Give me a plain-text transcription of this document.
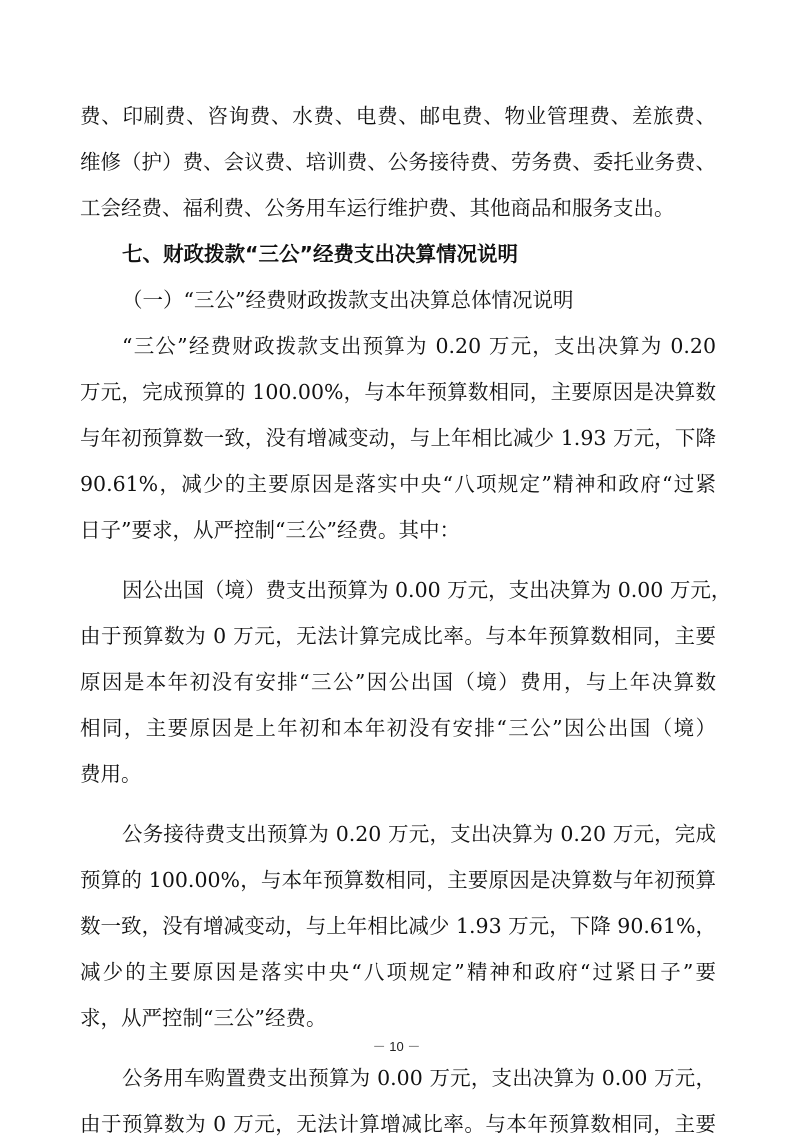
费、印刷费、咨询费、水费、电费、邮电费、物业管理费、差旅费、
维修（护）费、会议费、培训费、公务接待费、劳务费、委托业务费、
工会经费、福利费、公务用车运行维护费、其他商品和服务支出。
七、财政拨款“三公”经费支出决算情况说明
（一）“三公”经费财政拨款支出决算总体情况说明
“三公”经费财政拨款支出预算为 0.20 万元，支出决算为 0.20
万元，完成预算的 100.00%，与本年预算数相同，主要原因是决算数
与年初预算数一致，没有增减变动，与上年相比减少 1.93 万元，下降
90.61%，减少的主要原因是落实中央“八项规定”精神和政府“过紧
日子”要求，从严控制“三公”经费。其中：
因公出国（境）费支出预算为 0.00 万元，支出决算为 0.00 万元，
由于预算数为 0 万元，无法计算完成比率。与本年预算数相同，主要
原因是本年初没有安排“三公”因公出国（境）费用，与上年决算数
相同，主要原因是上年初和本年初没有安排“三公”因公出国（境）
费用。
公务接待费支出预算为 0.20 万元，支出决算为 0.20 万元，完成
预算的 100.00%，与本年预算数相同，主要原因是决算数与年初预算
数一致，没有增减变动，与上年相比减少 1.93 万元，下降 90.61%，
减少的主要原因是落实中央“八项规定”精神和政府“过紧日子”要
求，从严控制“三公”经费。
公务用车购置费支出预算为 0.00 万元，支出决算为 0.00 万元，
由于预算数为 0 万元，无法计算增减比率。与本年预算数相同，主要
－ 10 －
